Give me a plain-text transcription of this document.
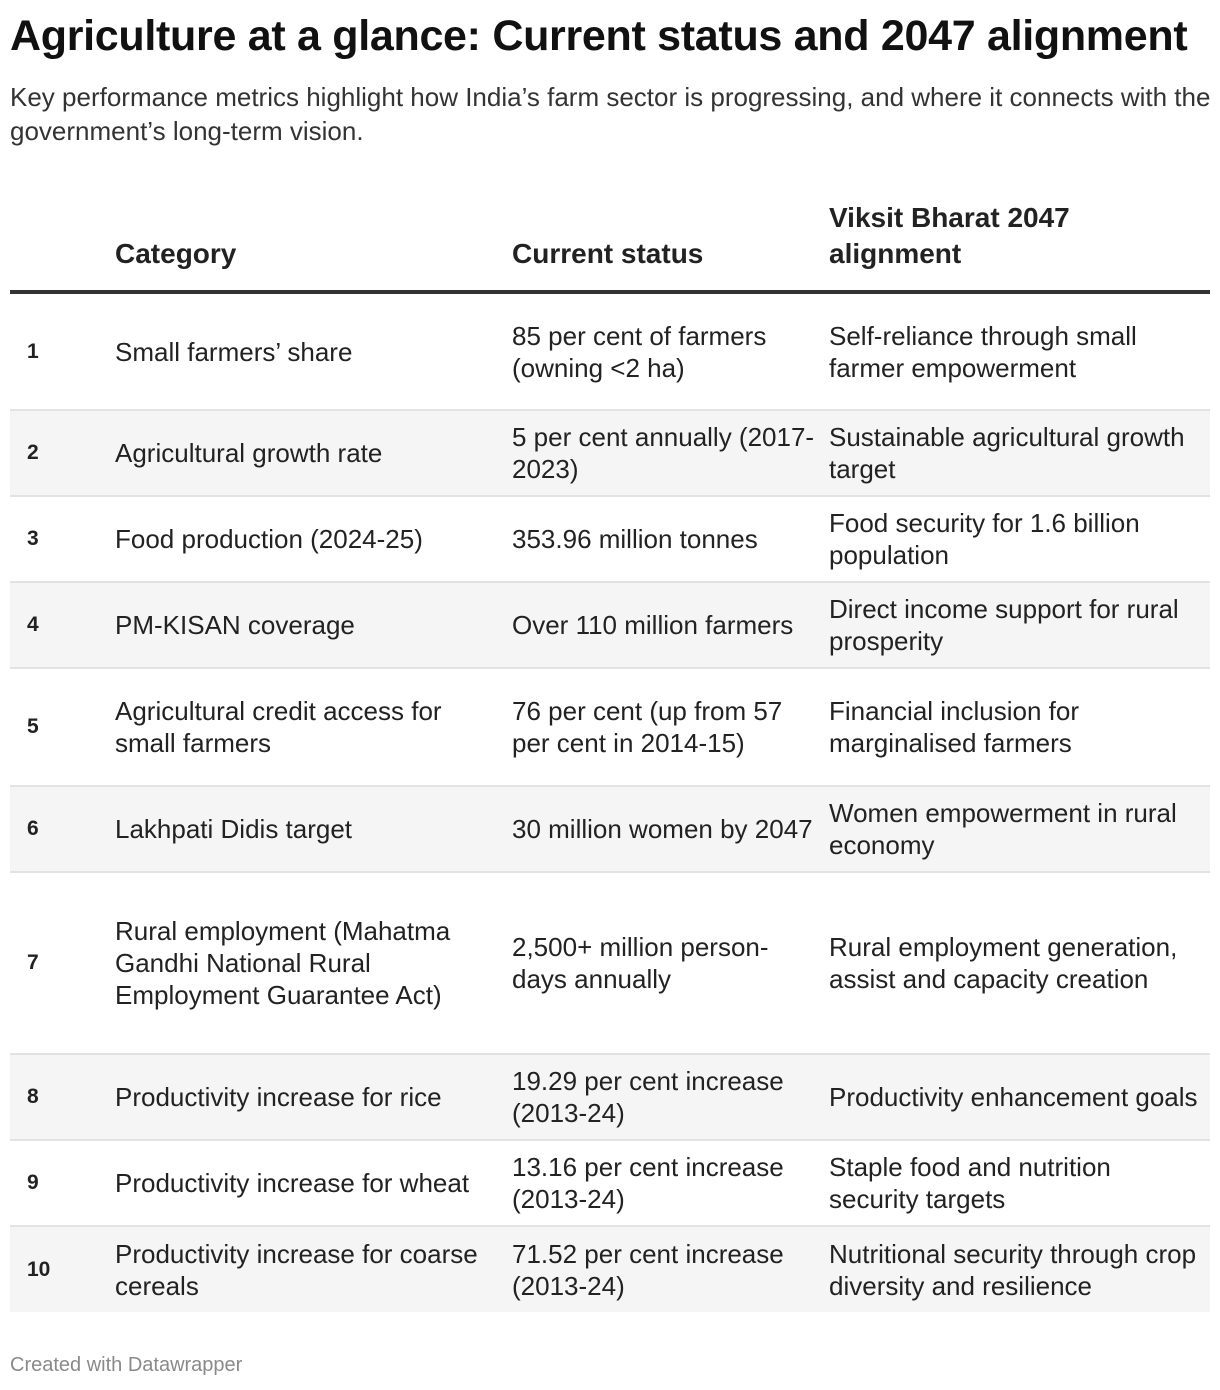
Agriculture at a glance: Current status and 2047 alignment

Key performance metrics highlight how India’s farm sector is progressing, and where it connects with the government’s long-term vision.

	Category	Current status	Viksit Bharat 2047 alignment
1	Small farmers’ share	85 per cent of farmers (owning <2 ha)	Self-reliance through small farmer empowerment
2	Agricultural growth rate	5 per cent annually (2017-2023)	Sustainable agricultural growth target
3	Food production (2024-25)	353.96 million tonnes	Food security for 1.6 billion population
4	PM-KISAN coverage	Over 110 million farmers	Direct income support for rural prosperity
5	Agricultural credit access for small farmers	76 per cent (up from 57 per cent in 2014-15)	Financial inclusion for marginalised farmers
6	Lakhpati Didis target	30 million women by 2047	Women empowerment in rural economy
7	Rural employment (Mahatma Gandhi National Rural Employment Guarantee Act)	2,500+ million person-days annually	Rural employment generation, assist and capacity creation
8	Productivity increase for rice	19.29 per cent increase (2013-24)	Productivity enhancement goals
9	Productivity increase for wheat	13.16 per cent increase (2013-24)	Staple food and nutrition security targets
10	Productivity increase for coarse cereals	71.52 per cent increase (2013-24)	Nutritional security through crop diversity and resilience
Created with Datawrapper
